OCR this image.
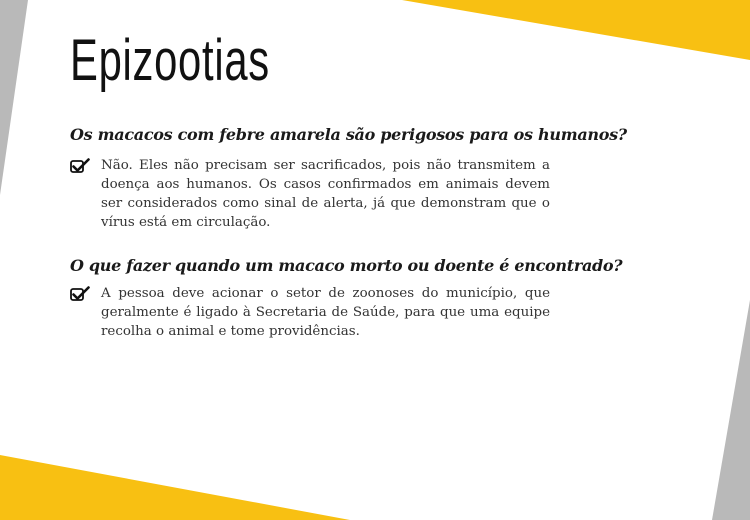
Epizootias
Os macacos com febre amarela são perigosos para os humanos?

Não. Eles não precisam ser sacrificados, pois não transmitem a doença aos humanos. Os casos confirmados em animais devem ser considerados como sinal de alerta, já que demonstram que o vírus está em circulação.

O que fazer quando um macaco morto ou doente é encontrado?

A pessoa deve acionar o setor de zoonoses do município, que geralmente é ligado à Secretaria de Saúde, para que uma equipe recolha o animal e tome providências.
